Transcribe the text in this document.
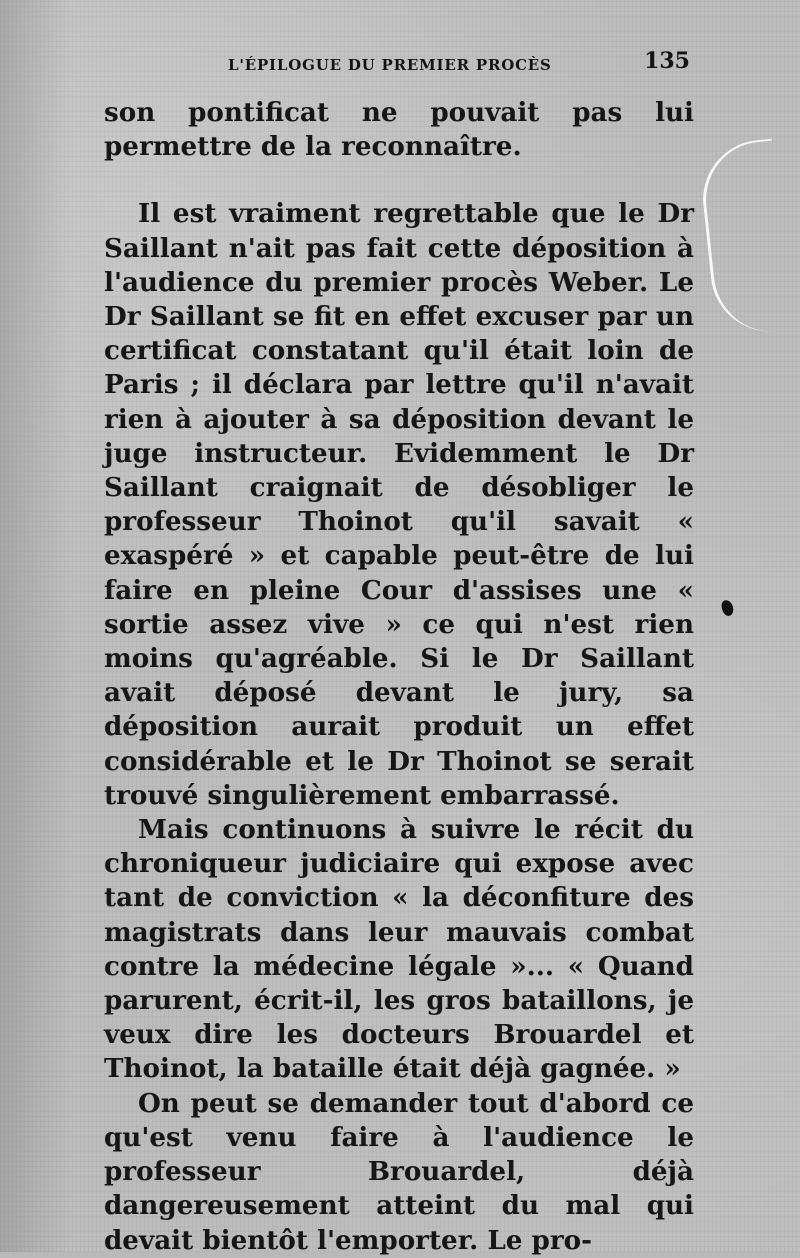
L'ÉPILOGUE DU PREMIER PROCÈS	135

son pontificat ne pouvait pas lui permettre de la reconnaître.

Il est vraiment regrettable que le Dr Saillant n'ait pas fait cette déposition à l'audience du premier procès Weber. Le Dr Saillant se fit en effet excuser par un certificat constatant qu'il était loin de Paris ; il déclara par lettre qu'il n'avait rien à ajouter à sa déposition devant le juge instructeur. Evidemment le Dr Saillant craignait de désobliger le professeur Thoinot qu'il savait « exaspéré » et capable peut-être de lui faire en pleine Cour d'assises une « sortie assez vive » ce qui n'est rien moins qu'agréable. Si le Dr Saillant avait déposé devant le jury, sa déposition aurait produit un effet considérable et le Dr Thoinot se serait trouvé singulièrement embarrassé.

Mais continuons à suivre le récit du chroniqueur judiciaire qui expose avec tant de conviction « la déconfiture des magistrats dans leur mauvais combat contre la médecine légale »... « Quand parurent, écrit-il, les gros bataillons, je veux dire les docteurs Brouardel et Thoinot, la bataille était déjà gagnée. »

On peut se demander tout d'abord ce qu'est venu faire à l'audience le professeur Brouardel, déjà dangereusement atteint du mal qui devait bientôt l'emporter. Le pro-
